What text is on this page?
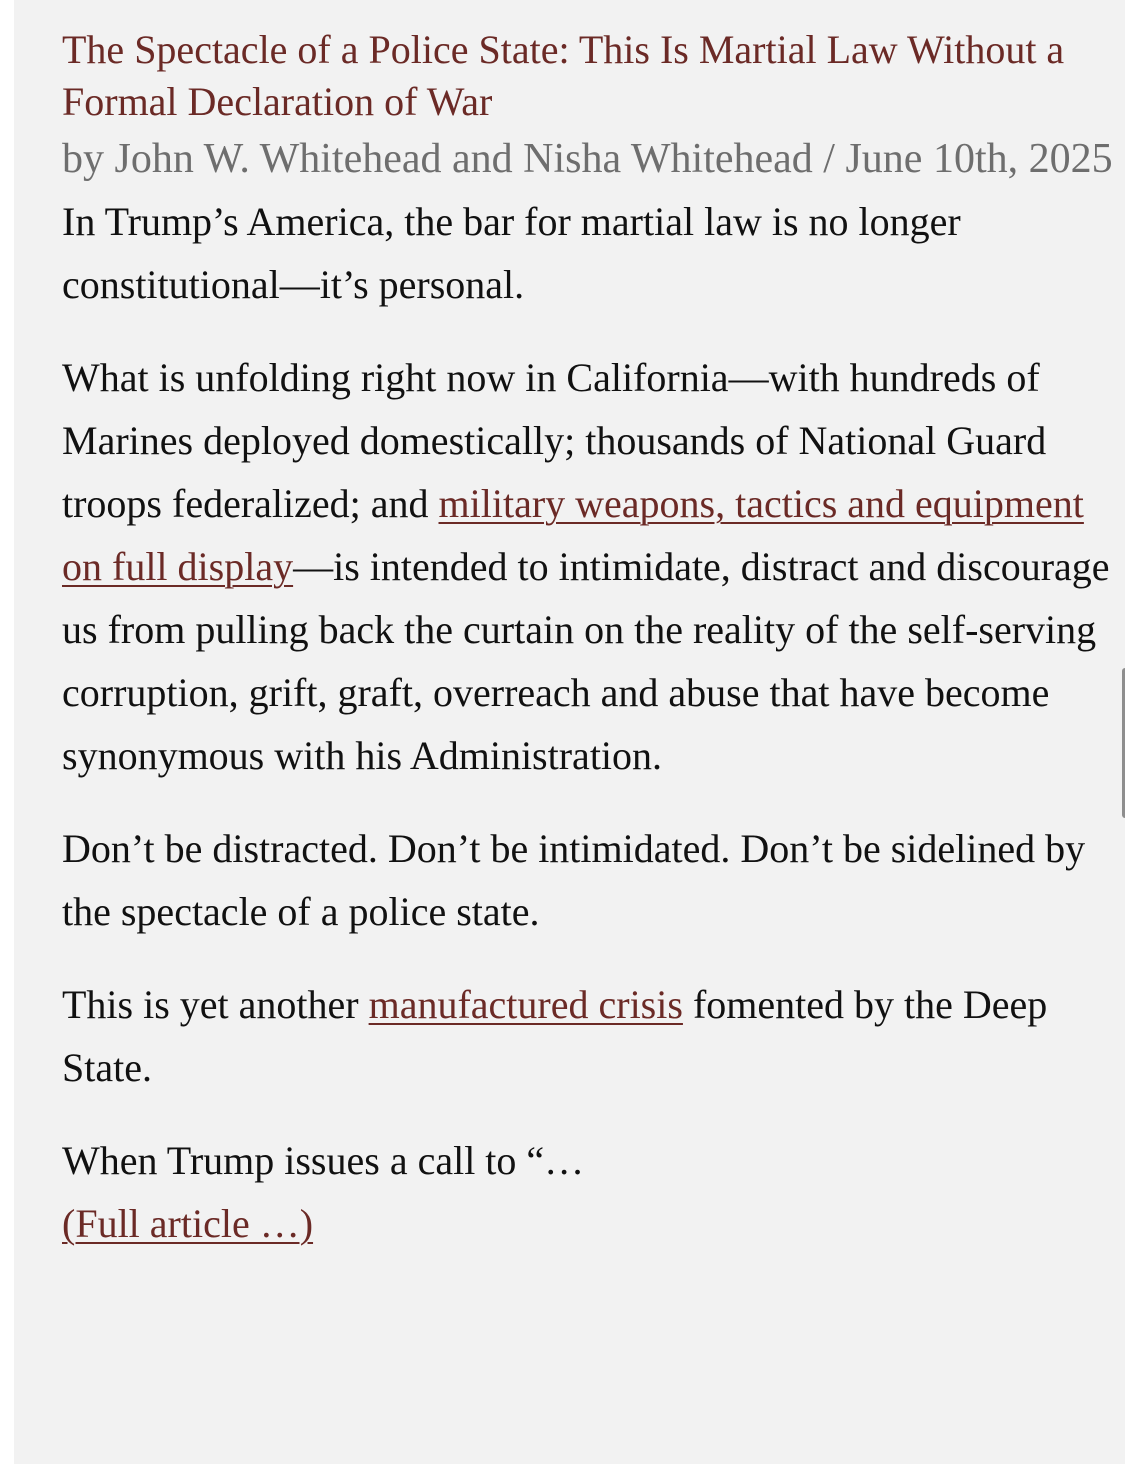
The Spectacle of a Police State: This Is Martial Law Without a Formal Declaration of War
by John W. Whitehead and Nisha Whitehead / June 10th, 2025

In Trump’s America, the bar for martial law is no longer constitutional—it’s personal.

What is unfolding right now in California—with hundreds of Marines deployed domestically; thousands of National Guard troops federalized; and military weapons, tactics and equipment on full display—is intended to intimidate, distract and discourage us from pulling back the curtain on the reality of the self-serving corruption, grift, graft, overreach and abuse that have become synonymous with his Administration.

Don’t be distracted. Don’t be intimidated. Don’t be sidelined by the spectacle of a police state.

This is yet another manufactured crisis fomented by the Deep State.

When Trump issues a call to “…

(Full article …)
